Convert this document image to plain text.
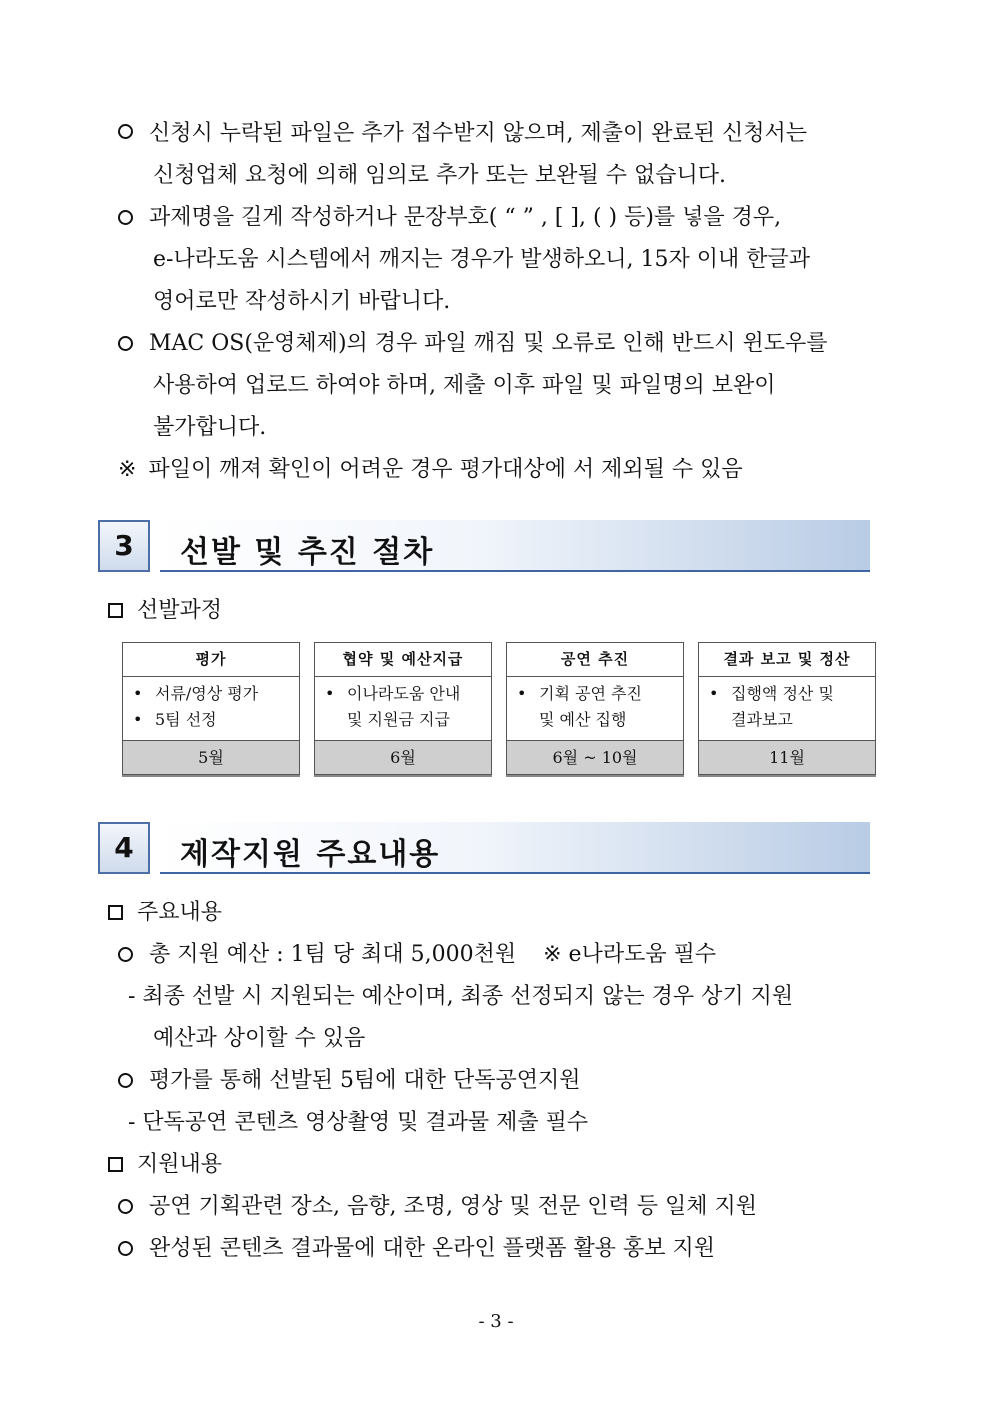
신청시 누락된 파일은 추가 접수받지 않으며, 제출이 완료된 신청서는
신청업체 요청에 의해 임의로 추가 또는 보완될 수 없습니다.
과제명을 길게 작성하거나 문장부호( “ ” , [ ], ( ) 등)를 넣을 경우,
e-나라도움 시스템에서 깨지는 경우가 발생하오니, 15자 이내 한글과
영어로만 작성하시기 바랍니다.
MAC OS(운영체제)의 경우 파일 깨짐 및 오류로 인해 반드시 윈도우를
사용하여 업로드 하여야 하며, 제출 이후 파일 및 파일명의 보완이
불가합니다.
※ 파일이 깨져 확인이 어려운 경우 평가대상에 서 제외될 수 있음
3	선발 및 추진 절차
선발과정
평가
• 서류/영상 평가
• 5팀 선정
5월
협약 및 예산지급
• 이나라도움 안내
및 지원금 지급
6월
공연 추진
• 기획 공연 추진
및 예산 집행
6월 ~ 10월
결과 보고 및 정산
• 집행액 정산 및
결과보고
11월
4	제작지원 주요내용
주요내용
총 지원 예산 : 1팀 당 최대 5,000천원 ※ e나라도움 필수
- 최종 선발 시 지원되는 예산이며, 최종 선정되지 않는 경우 상기 지원
예산과 상이할 수 있음
평가를 통해 선발된 5팀에 대한 단독공연지원
- 단독공연 콘텐츠 영상촬영 및 결과물 제출 필수
지원내용
공연 기획관련 장소, 음향, 조명, 영상 및 전문 인력 등 일체 지원
완성된 콘텐츠 결과물에 대한 온라인 플랫폼 활용 홍보 지원
- 3 -
